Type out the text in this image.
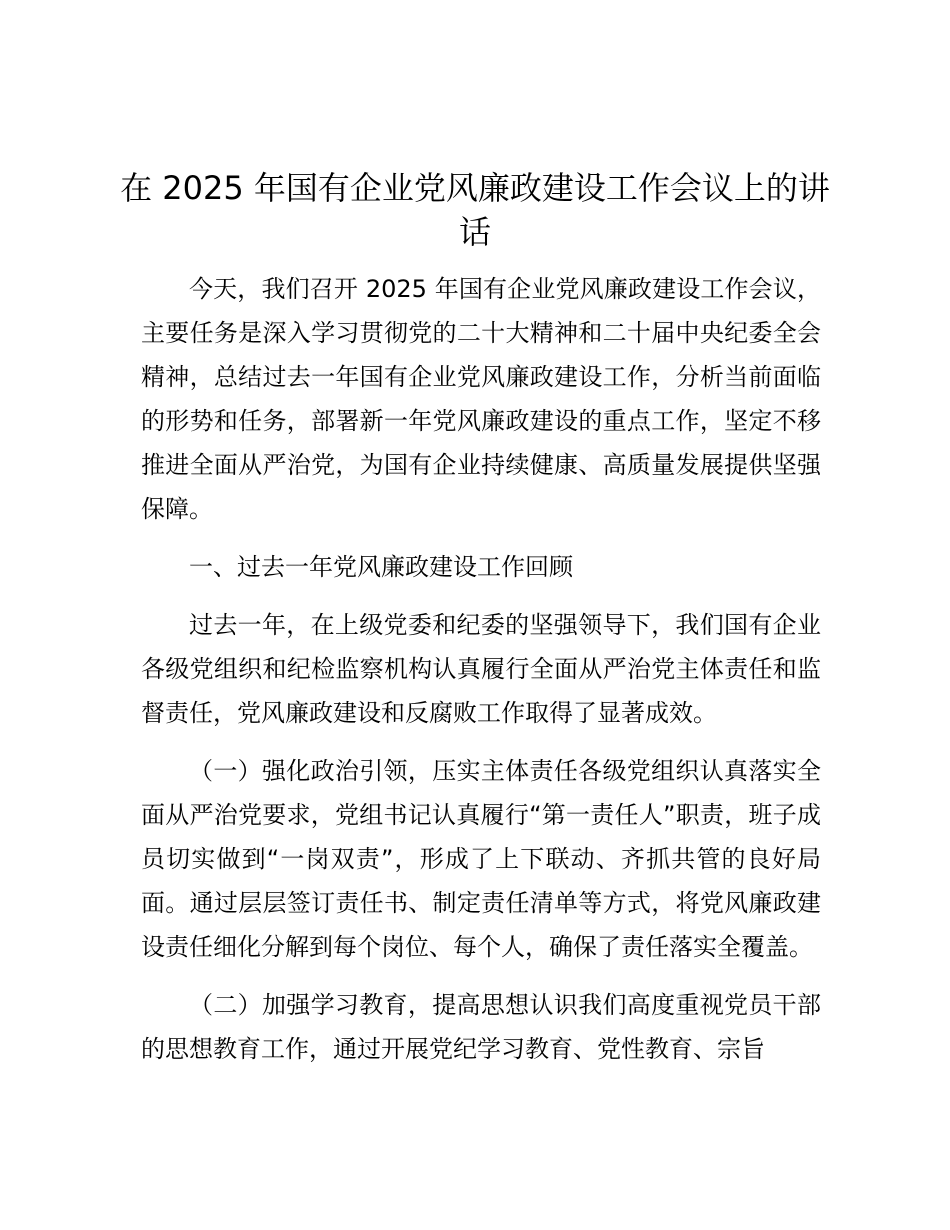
在 2025 年国有企业党风廉政建设工作会议上的讲话

今天，我们召开 2025 年国有企业党风廉政建设工作会议，主要任务是深入学习贯彻党的二十大精神和二十届中央纪委全会精神，总结过去一年国有企业党风廉政建设工作，分析当前面临的形势和任务，部署新一年党风廉政建设的重点工作，坚定不移推进全面从严治党，为国有企业持续健康、高质量发展提供坚强保障。

一、过去一年党风廉政建设工作回顾

过去一年，在上级党委和纪委的坚强领导下，我们国有企业各级党组织和纪检监察机构认真履行全面从严治党主体责任和监督责任，党风廉政建设和反腐败工作取得了显著成效。

（一）强化政治引领，压实主体责任各级党组织认真落实全面从严治党要求，党组书记认真履行“第一责任人”职责，班子成员切实做到“一岗双责”，形成了上下联动、齐抓共管的良好局面。通过层层签订责任书、制定责任清单等方式，将党风廉政建设责任细化分解到每个岗位、每个人，确保了责任落实全覆盖。

（二）加强学习教育，提高思想认识我们高度重视党员干部的思想教育工作，通过开展党纪学习教育、党性教育、宗旨
